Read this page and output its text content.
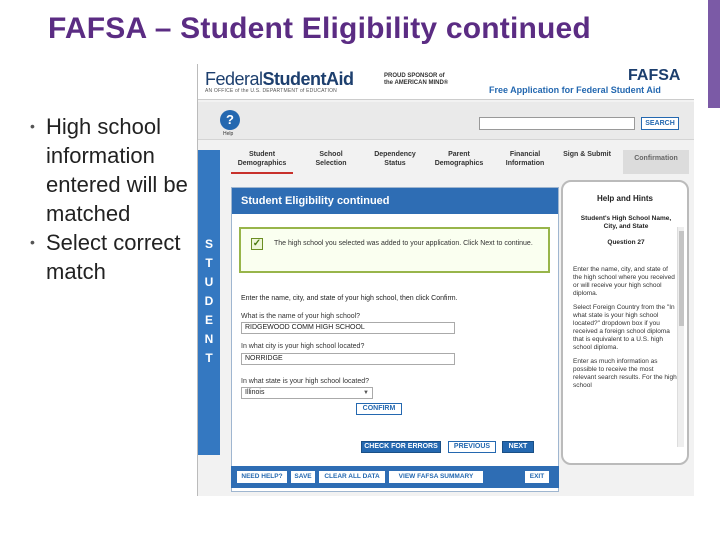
FAFSA – Student Eligibility continued
• High school information entered will be matched
• Select correct match
FederalStudentAid
AN OFFICE of the U.S. DEPARTMENT of EDUCATION
PROUD SPONSOR of
the AMERICAN MIND®	FAFSA
Free Application for Federal Student Aid
?
Help
SEARCH
Student Demographics
School Selection
Dependency Status
Parent Demographics
Financial Information
Sign & Submit
Confirmation
S
T
U
D
E
N
T
Student Eligibility continued
✓ The high school you selected was added to your application. Click Next to continue.
Enter the name, city, and state of your high school, then click Confirm.
What is the name of your high school?
RIDGEWOOD COMM HIGH SCHOOL
In what city is your high school located?
NORRIDGE
In what state is your high school located?
Illinois	▼
CONFIRM
CHECK FOR ERRORS	PREVIOUS	NEXT
NEED HELP?	SAVE	CLEAR ALL DATA	VIEW FAFSA SUMMARY	EXIT
Help and Hints
Student's High School Name, City, and State
Question 27

Enter the name, city, and state of the high school where you received or will receive your high school diploma.

Select Foreign Country from the "In what state is your high school located?" dropdown box if you received a foreign school diploma that is equivalent to a U.S. high school diploma.

Enter as much information as possible to receive the most relevant search results. For the high school
